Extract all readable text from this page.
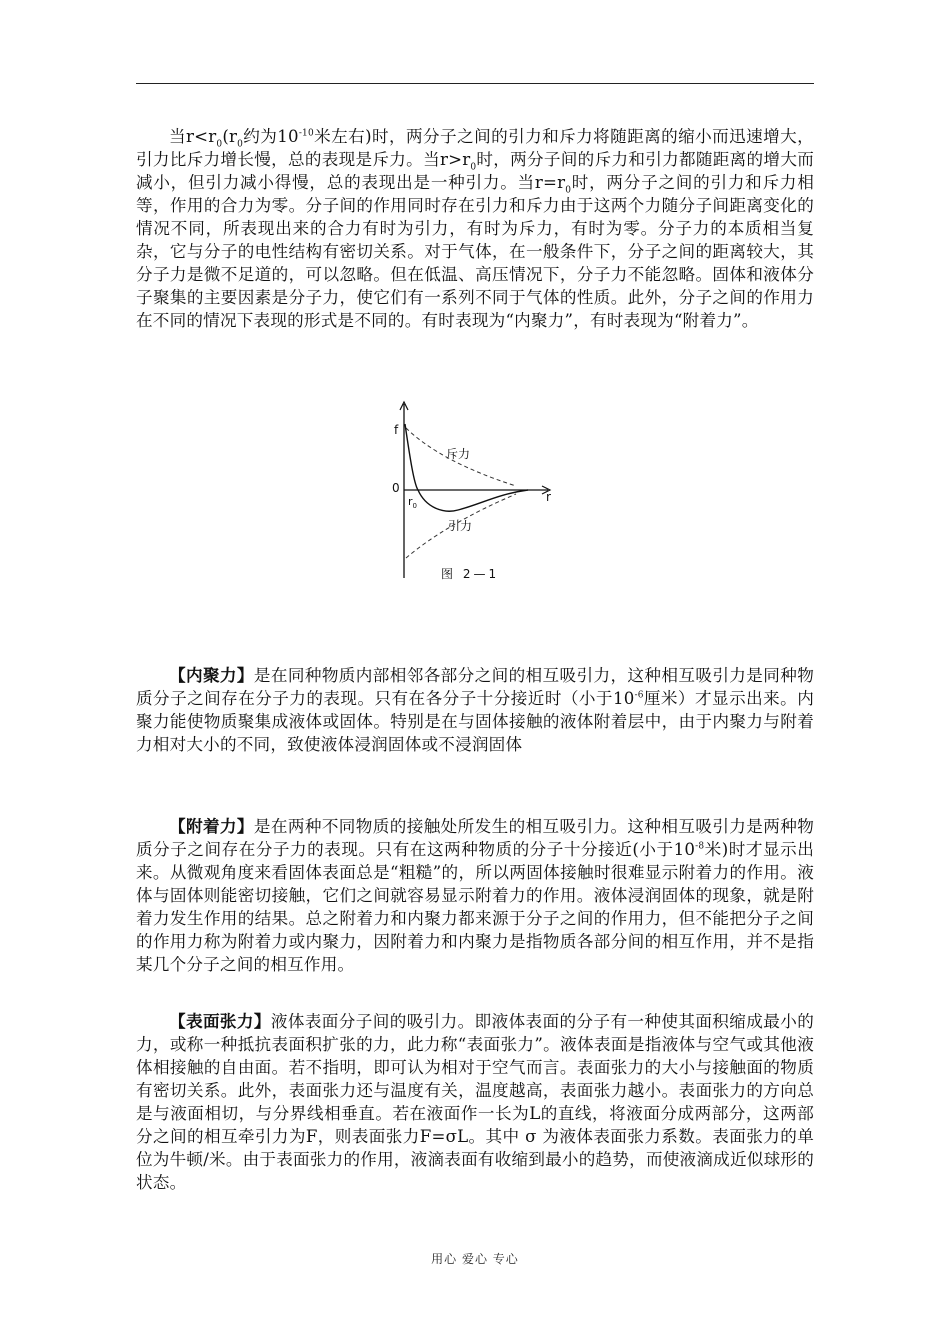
当$r<r_0(r_0$约为$10^{-10}$米左右)时，两分子之间的引力和斥力将随距离的缩小而迅速增大，引力比斥力增长慢，总的表现是斥力。当$r>r_0$时，两分子间的斥力和引力都随距离的增大而减小，但引力减小得慢，总的表现出是一种引力。当$r=r_0$时，两分子之间的引力和斥力相等，作用的合力为零。分子间的作用同时存在引力和斥力由于这两个力随分子间距离变化的情况不同，所表现出来的合力有时为引力，有时为斥力，有时为零。分子力的本质相当复杂，它与分子的电性结构有密切关系。对于气体，在一般条件下，分子之间的距离较大，其分子力是微不足道的，可以忽略。但在低温、高压情况下，分子力不能忽略。固体和液体分子聚集的主要因素是分子力，使它们有一系列不同于气体的性质。此外，分子之间的作用力在不同的情况下表现的形式是不同的。有时表现为“内聚力”，有时表现为“附着力”。

f
0
r
$r_0$
斥力
引力
图 2—1

【内聚力】是在同种物质内部相邻各部分之间的相互吸引力，这种相互吸引力是同种物质分子之间存在分子力的表现。只有在各分子十分接近时（小于$10^{-6}$厘米）才显示出来。内聚力能使物质聚集成液体或固体。特别是在与固体接触的液体附着层中，由于内聚力与附着力相对大小的不同，致使液体浸润固体或不浸润固体

【附着力】是在两种不同物质的接触处所发生的相互吸引力。这种相互吸引力是两种物质分子之间存在分子力的表现。只有在这两种物质的分子十分接近(小于$10^{-8}$米)时才显示出来。从微观角度来看固体表面总是“粗糙”的，所以两固体接触时很难显示附着力的作用。液体与固体则能密切接触，它们之间就容易显示附着力的作用。液体浸润固体的现象，就是附着力发生作用的结果。总之附着力和内聚力都来源于分子之间的作用力，但不能把分子之间的作用力称为附着力或内聚力，因附着力和内聚力是指物质各部分间的相互作用，并不是指某几个分子之间的相互作用。

【表面张力】液体表面分子间的吸引力。即液体表面的分子有一种使其面积缩成最小的力，或称一种抵抗表面积扩张的力，此力称“表面张力”。液体表面是指液体与空气或其他液体相接触的自由面。若不指明，即可认为相对于空气而言。表面张力的大小与接触面的物质有密切关系。此外，表面张力还与温度有关，温度越高，表面张力越小。表面张力的方向总是与液面相切，与分界线相垂直。若在液面作一长为L的直线，将液面分成两部分，这两部分之间的相互牵引力为F，则表面张力F=σL。其中 σ 为液体表面张力系数。表面张力的单位为牛顿/米。由于表面张力的作用，液滴表面有收缩到最小的趋势，而使液滴成近似球形的状态。

用心 爱心 专心
